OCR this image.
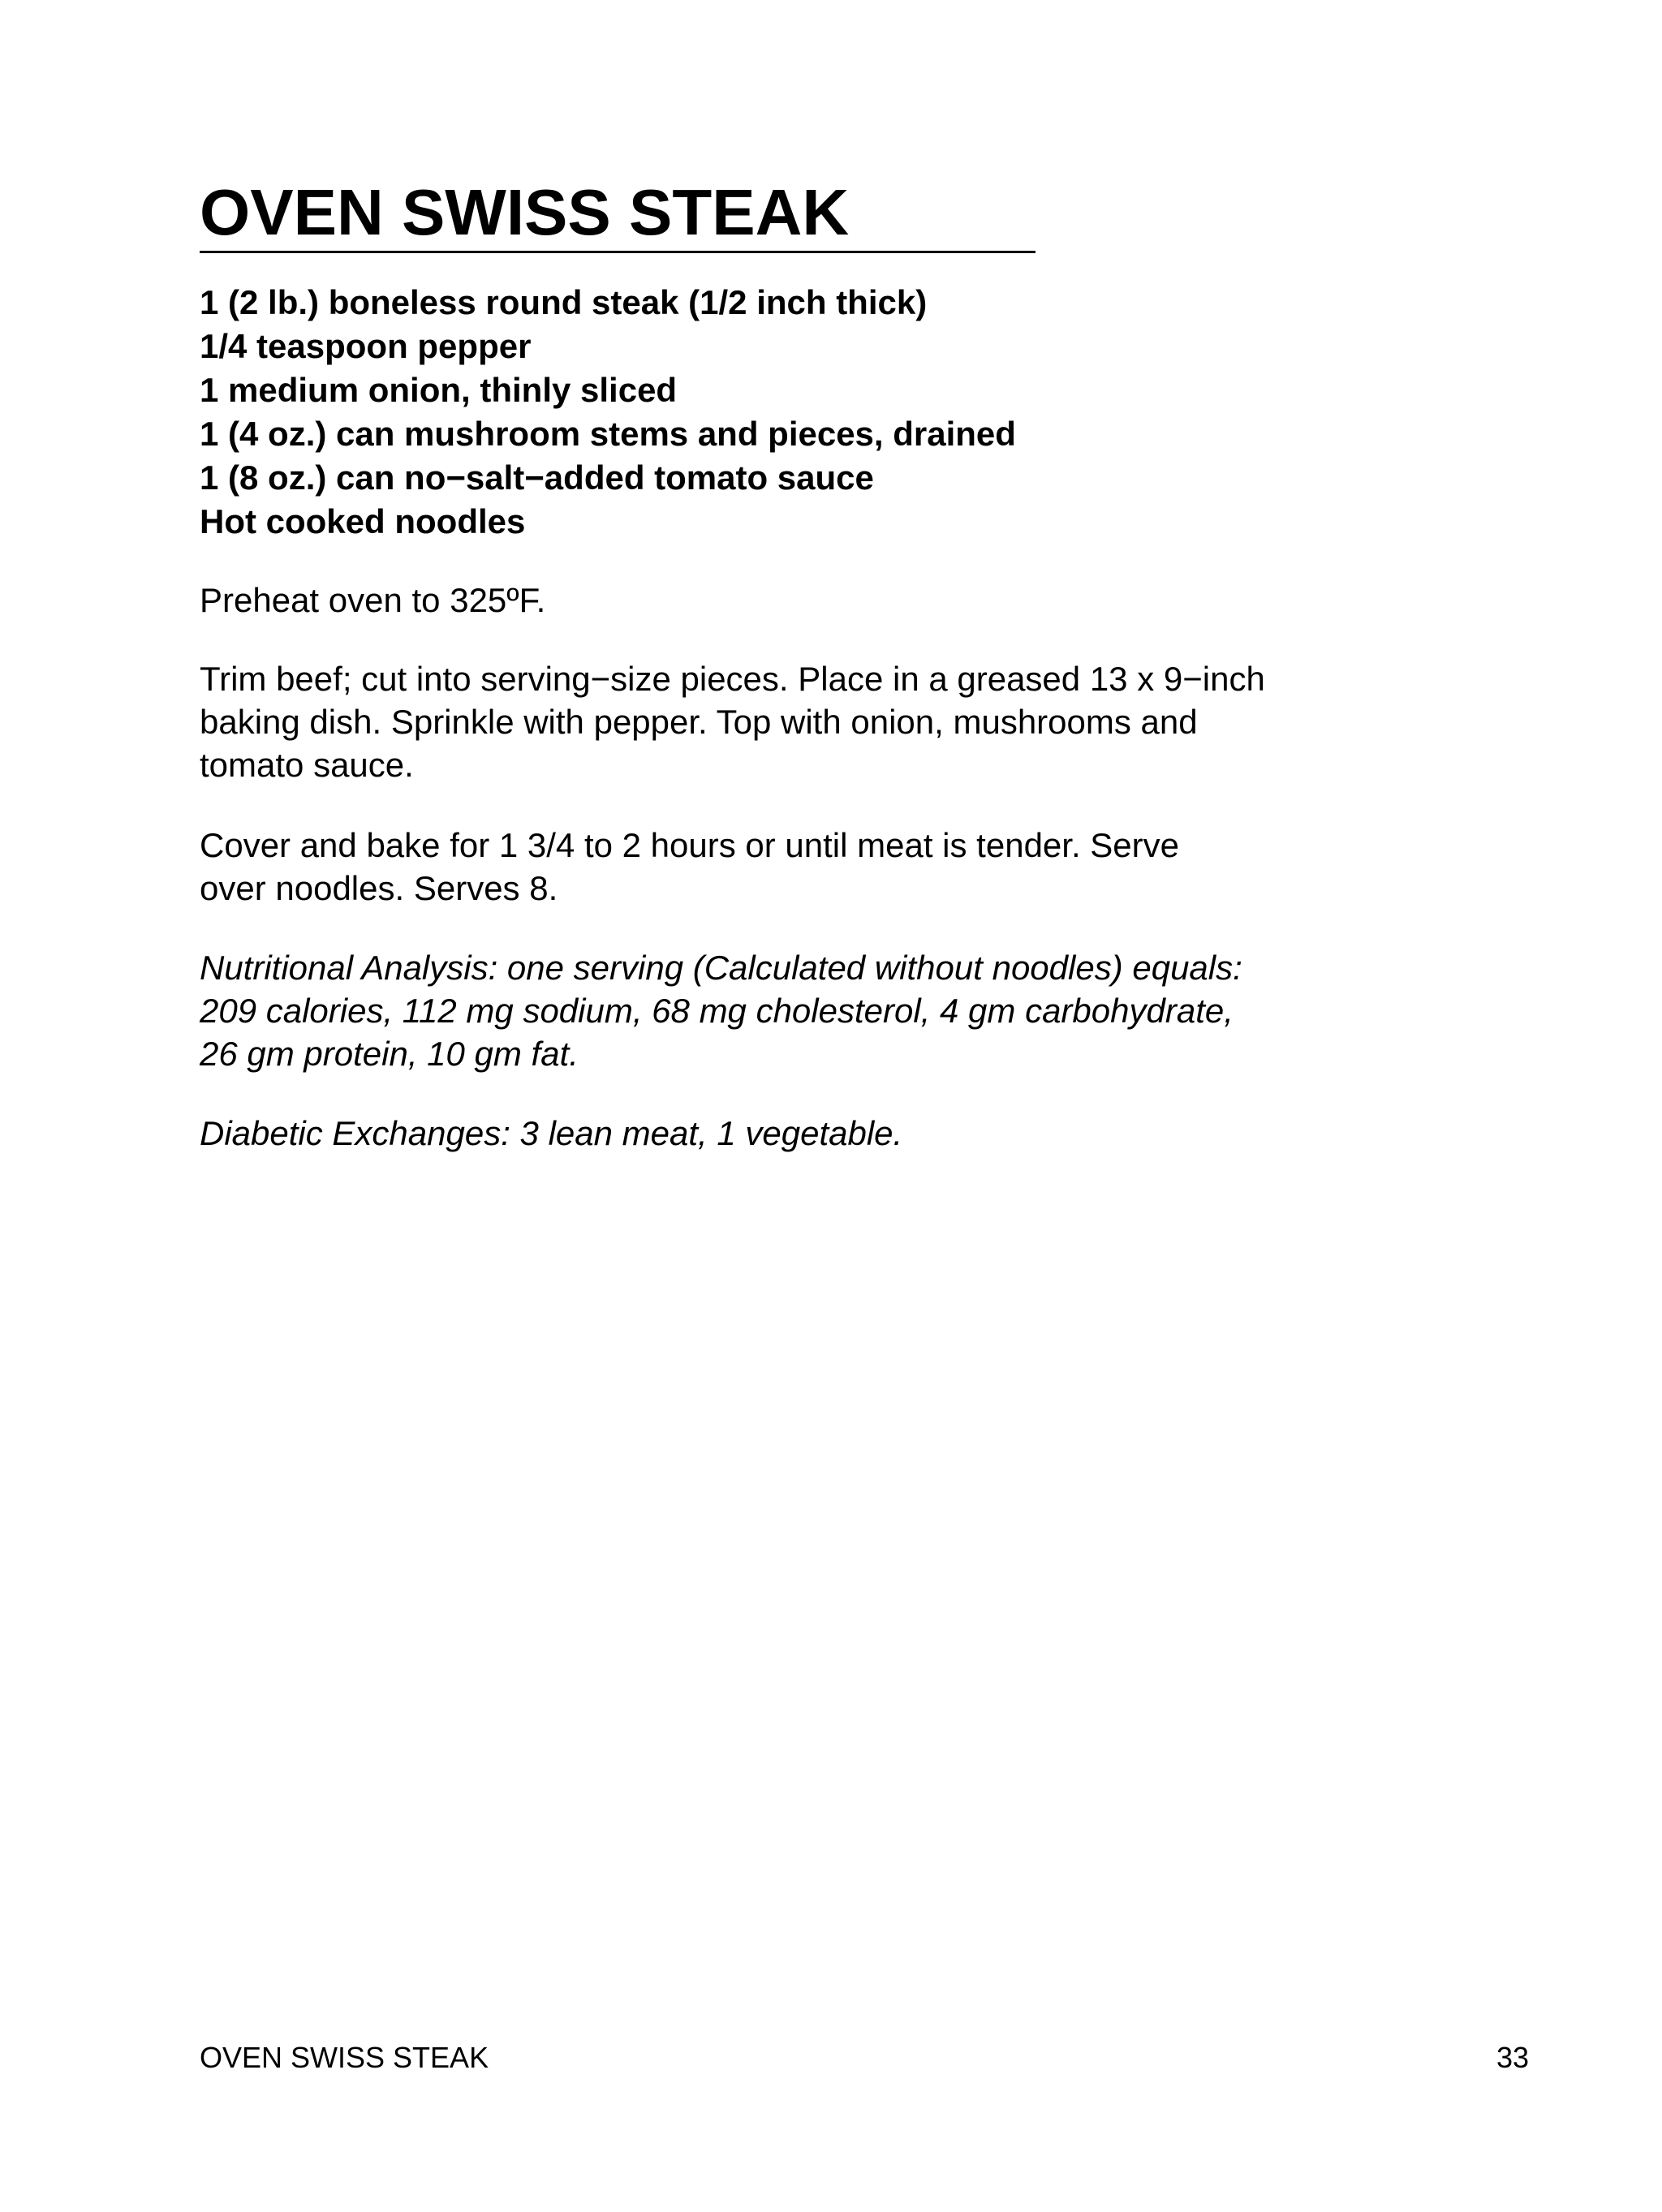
OVEN SWISS STEAK
1 (2 lb.) boneless round steak (1/2 inch thick)
1/4 teaspoon pepper
1 medium onion, thinly sliced
1 (4 oz.) can mushroom stems and pieces, drained
1 (8 oz.) can no−salt−added tomato sauce
Hot cooked noodles

Preheat oven to 325ºF.

Trim beef; cut into serving−size pieces. Place in a greased 13 x 9−inch
baking dish. Sprinkle with pepper. Top with onion, mushrooms and
tomato sauce.

Cover and bake for 1 3/4 to 2 hours or until meat is tender. Serve
over noodles. Serves 8.

Nutritional Analysis: one serving (Calculated without noodles) equals:
209 calories, 112 mg sodium, 68 mg cholesterol, 4 gm carbohydrate,
26 gm protein, 10 gm fat.

Diabetic Exchanges: 3 lean meat, 1 vegetable.

OVEN SWISS STEAK	33
